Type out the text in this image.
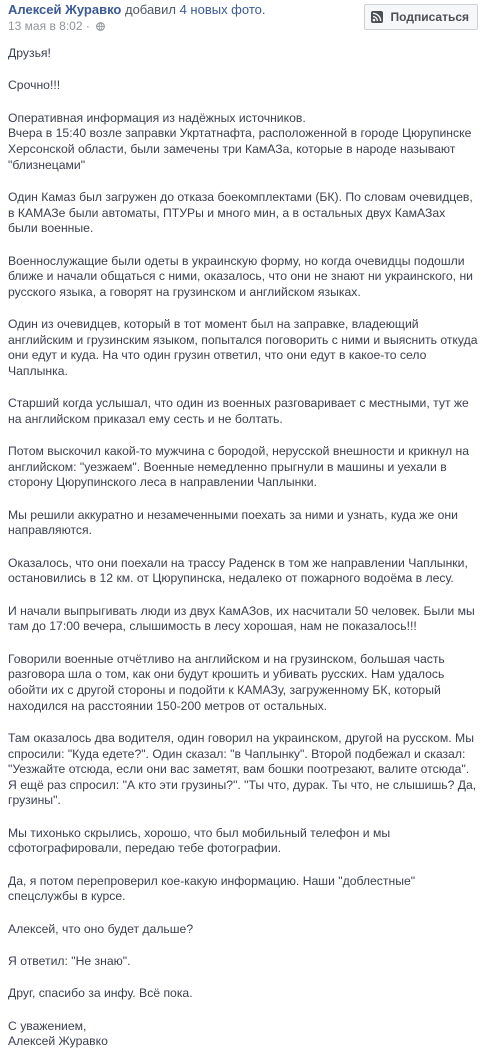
Алексей Журавко добавил 4 новых фото.
13 мая в 8:02 ·
Подписаться

Друзья!

Срочно!!!

Оперативная информация из надёжных источников.
Вчера в 15:40 возле заправки Укртатнафта, расположенной в городе Цюрупинске Херсонской области, были замечены три КамАЗа, которые в народе называют "близнецами"

Один Камаз был загружен до отказа боекомплектами (БК). По словам очевидцев, в КАМАЗе были автоматы, ПТУРы и много мин, а в остальных двух КамАЗах были военные.

Военнослужащие были одеты в украинскую форму, но когда очевидцы подошли ближе и начали общаться с ними, оказалось, что они не знают ни украинского, ни русского языка, а говорят на грузинском и английском языках.

Один из очевидцев, который в тот момент был на заправке, владеющий английским и грузинским языком, попытался поговорить с ними и выяснить откуда они едут и куда. На что один грузин ответил, что они едут в какое-то село Чаплынка.

Старший когда услышал, что один из военных разговаривает с местными, тут же на английском приказал ему сесть и не болтать.

Потом выскочил какой-то мужчина с бородой, нерусской внешности и крикнул на английском: "уезжаем". Военные немедленно прыгнули в машины и уехали в сторону Цюрупинского леса в направлении Чаплынки.

Мы решили аккуратно и незамеченными поехать за ними и узнать, куда же они направляются.

Оказалось, что они поехали на трассу Раденск в том же направлении Чаплынки, остановились в 12 км. от Цюрупинска, недалеко от пожарного водоёма в лесу.

И начали выпрыгивать люди из двух КамАЗов, их насчитали 50 человек. Были мы там до 17:00 вечера, слышимость в лесу хорошая, нам не показалось!!!

Говорили военные отчётливо на английском и на грузинском, большая часть разговора шла о том, как они будут крошить и убивать русских. Нам удалось обойти их с другой стороны и подойти к КАМАЗу, загруженному БК, который находился на расстоянии 150-200 метров от остальных.

Там оказалось два водителя, один говорил на украинском, другой на русском. Мы спросили: "Куда едете?". Один сказал: "в Чаплынку". Второй подбежал и сказал: "Уезжайте отсюда, если они вас заметят, вам бошки поотрезают, валите отсюда". Я ещё раз спросил: "А кто эти грузины?". "Ты что, дурак. Ты что, не слышишь? Да, грузины".

Мы тихонько скрылись, хорошо, что был мобильный телефон и мы сфотографировали, передаю тебе фотографии.

Да, я потом перепроверил кое-какую информацию. Наши "доблестные" спецслужбы в курсе.

Алексей, что оно будет дальше?

Я ответил: "Не знаю".

Друг, спасибо за инфу. Всё пока.

С уважением,
Алексей Журавко
